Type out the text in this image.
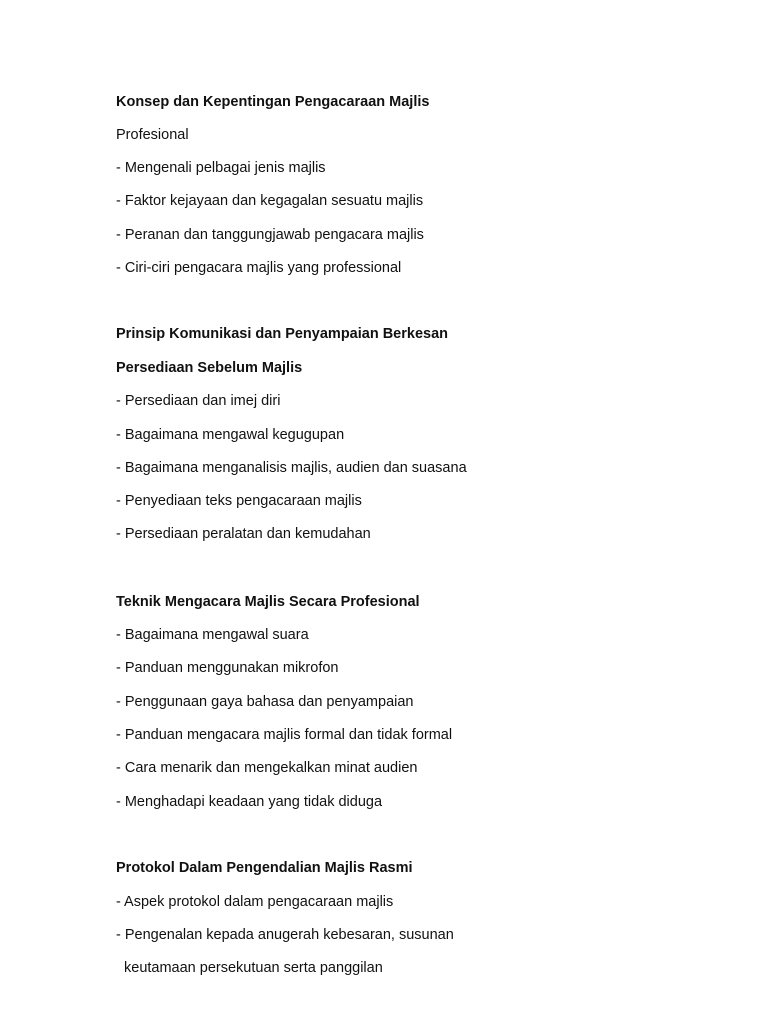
Konsep dan Kepentingan Pengacaraan Majlis

Profesional

- Mengenali pelbagai jenis majlis

- Faktor kejayaan dan kegagalan sesuatu majlis

- Peranan dan tanggungjawab pengacara majlis

- Ciri-ciri pengacara majlis yang professional

Prinsip Komunikasi dan Penyampaian Berkesan

Persediaan Sebelum Majlis

- Persediaan dan imej diri

- Bagaimana mengawal kegugupan

- Bagaimana menganalisis majlis, audien dan suasana

- Penyediaan teks pengacaraan majlis

- Persediaan peralatan dan kemudahan

Teknik Mengacara Majlis Secara Profesional

- Bagaimana mengawal suara

- Panduan menggunakan mikrofon

- Penggunaan gaya bahasa dan penyampaian

- Panduan mengacara majlis formal dan tidak formal

- Cara menarik dan mengekalkan minat audien

- Menghadapi keadaan yang tidak diduga

Protokol Dalam Pengendalian Majlis Rasmi

- Aspek protokol dalam pengacaraan majlis

- Pengenalan kepada anugerah kebesaran, susunan

keutamaan persekutuan serta panggilan
